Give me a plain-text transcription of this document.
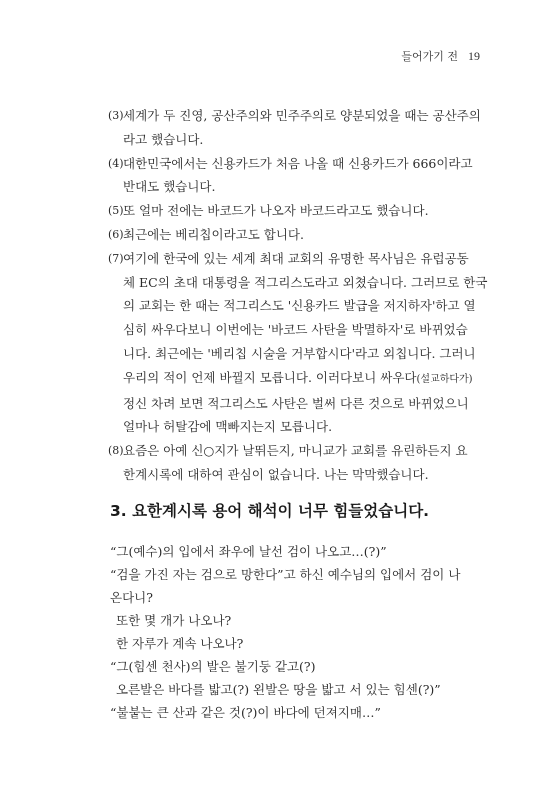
들어가기 전 19
(3) 세계가 두 진영, 공산주의와 민주주의로 양분되었을 때는 공산주의
라고 했습니다.
(4) 대한민국에서는 신용카드가 처음 나올 때 신용카드가 666이라고
반대도 했습니다.
(5) 또 얼마 전에는 바코드가 나오자 바코드라고도 했습니다.
(6) 최근에는 베리칩이라고도 합니다.
(7) 여기에 한국에 있는 세계 최대 교회의 유명한 목사님은 유럽공동
체 EC의 초대 대통령을 적그리스도라고 외쳤습니다. 그러므로 한국
의 교회는 한 때는 적그리스도 '신용카드 발급을 저지하자'하고 열
심히 싸우다보니 이번에는 '바코드 사탄을 박멸하자'로 바뀌었습
니다. 최근에는 '베리칩 시술을 거부합시다'라고 외칩니다. 그러니
우리의 적이 언제 바뀔지 모릅니다. 이러다보니 싸우다(설교하다가)
정신 차려 보면 적그리스도 사탄은 벌써 다른 것으로 바뀌었으니
얼마나 허탈감에 맥빠지는지 모릅니다.
(8) 요즘은 아예 신○지가 날뛰든지, 마니교가 교회를 유린하든지 요
한계시록에 대하여 관심이 없습니다. 나는 막막했습니다.
3. 요한계시록 용어 해석이 너무 힘들었습니다.
“그(예수)의 입에서 좌우에 날선 검이 나오고…(?)”
“검을 가진 자는 검으로 망한다”고 하신 예수님의 입에서 검이 나
온다니?
또한 몇 개가 나오나?
한 자루가 계속 나오나?
“그(힘센 천사)의 발은 불기둥 같고(?)
오른발은 바다를 밟고(?) 왼발은 땅을 밟고 서 있는 힘센(?)”
“불붙는 큰 산과 같은 것(?)이 바다에 던져지매…”
